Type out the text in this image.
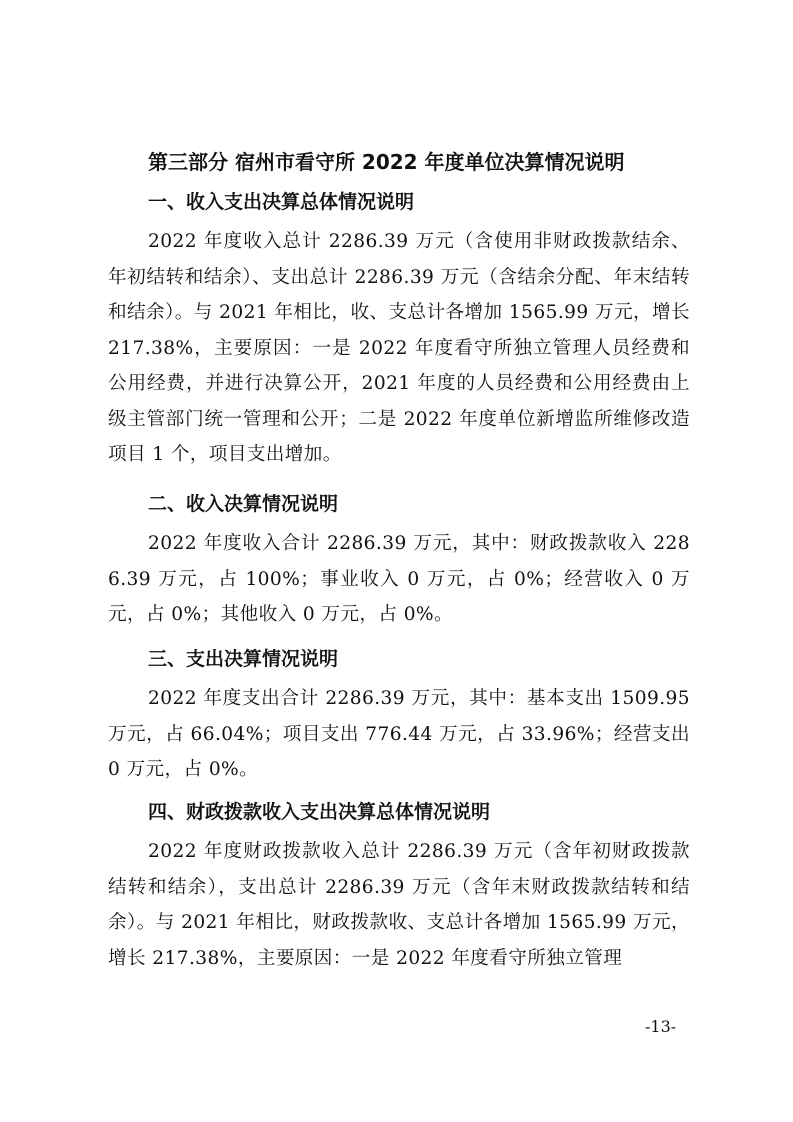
第三部分 宿州市看守所 2022 年度单位决算情况说明
一、收入支出决算总体情况说明
2022 年度收入总计 2286.39 万元（含使用非财政拨款结余、年初结转和结余）、支出总计 2286.39 万元（含结余分配、年末结转和结余）。与 2021 年相比，收、支总计各增加 1565.99 万元，增长 217.38%，主要原因：一是 2022 年度看守所独立管理人员经费和公用经费，并进行决算公开，2021 年度的人员经费和公用经费由上级主管部门统一管理和公开；二是 2022 年度单位新增监所维修改造项目 1 个，项目支出增加。
二、收入决算情况说明
2022 年度收入合计 2286.39 万元，其中：财政拨款收入 2286.39 万元，占 100%；事业收入 0 万元，占 0%；经营收入 0 万元，占 0%；其他收入 0 万元，占 0%。
三、支出决算情况说明
2022 年度支出合计 2286.39 万元，其中：基本支出 1509.95 万元，占 66.04%；项目支出 776.44 万元，占 33.96%；经营支出 0 万元，占 0%。
四、财政拨款收入支出决算总体情况说明
2022 年度财政拨款收入总计 2286.39 万元（含年初财政拨款结转和结余），支出总计 2286.39 万元（含年末财政拨款结转和结余）。与 2021 年相比，财政拨款收、支总计各增加 1565.99 万元，增长 217.38%，主要原因：一是 2022 年度看守所独立管理
-13-
